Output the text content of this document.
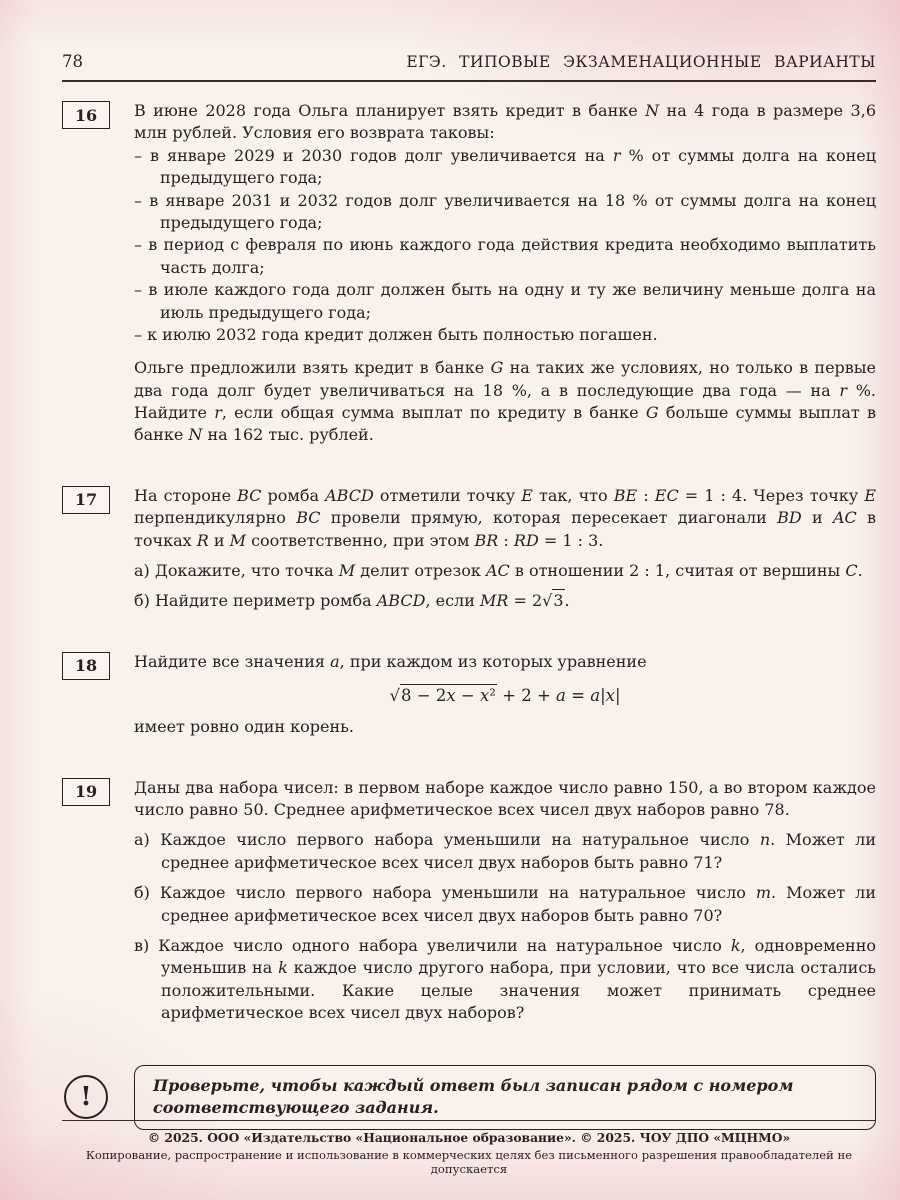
78	ЕГЭ. ТИПОВЫЕ ЭКЗАМЕНАЦИОННЫЕ ВАРИАНТЫ
16	В июне 2028 года Ольга планирует взять кредит в банке N на 4 года в размере 3,6 млн рублей. Условия его возврата таковы:

– в январе 2029 и 2030 годов долг увеличивается на r % от суммы долга на конец предыдущего года;
– в январе 2031 и 2032 годов долг увеличивается на 18 % от суммы долга на конец предыдущего года;
– в период с февраля по июнь каждого года действия кредита необходимо выплатить часть долга;
– в июле каждого года долг должен быть на одну и ту же величину меньше долга на июль предыдущего года;
– к июлю 2032 года кредит должен быть полностью погашен.

Ольге предложили взять кредит в банке G на таких же условиях, но только в первые два года долг будет увеличиваться на 18 %, а в последующие два года — на r %. Найдите r, если общая сумма выплат по кредиту в банке G больше суммы выплат в банке N на 162 тыс. рублей.

17	На стороне BC ромба ABCD отметили точку E так, что BE : EC = 1 : 4. Через точку E перпендикулярно BC провели прямую, которая пересекает диагонали BD и AC в точках R и M соответственно, при этом BR : RD = 1 : 3.

а) Докажите, что точка M делит отрезок AC в отношении 2 : 1, считая от вершины C.

б) Найдите периметр ромба ABCD, если MR = 2√3.

18	Найдите все значения a, при каждом из которых уравнение

√8 − 2x − x² + 2 + a = a|x|

имеет ровно один корень.

19	Даны два набора чисел: в первом наборе каждое число равно 150, а во втором каждое число равно 50. Среднее арифметическое всех чисел двух наборов равно 78.

а) Каждое число первого набора уменьшили на натуральное число n. Может ли среднее арифметическое всех чисел двух наборов быть равно 71?

б) Каждое число первого набора уменьшили на натуральное число m. Может ли среднее арифметическое всех чисел двух наборов быть равно 70?

в) Каждое число одного набора увеличили на натуральное число k, одновременно уменьшив на k каждое число другого набора, при условии, что все числа остались положительными. Какие целые значения может принимать среднее арифметическое всех чисел двух наборов?

!	Проверьте, чтобы каждый ответ был записан рядом с номером соответствующего задания.
© 2025. ООО «Издательство «Национальное образование». © 2025. ЧОУ ДПО «МЦНМО»
Копирование, распространение и использование в коммерческих целях без письменного разрешения правообладателей не допускается
